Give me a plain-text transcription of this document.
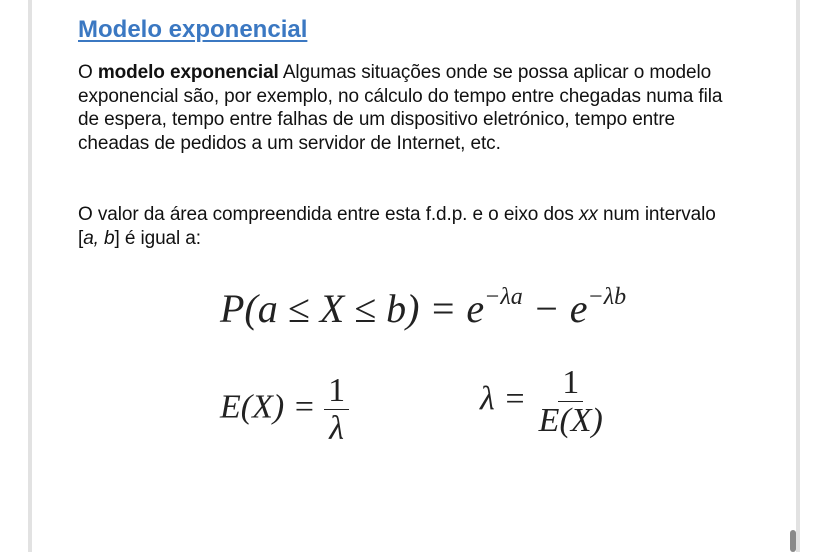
Modelo exponencial
O modelo exponencial Algumas situações onde se possa aplicar o modelo exponencial são, por exemplo, no cálculo do tempo entre chegadas numa fila de espera, tempo entre falhas de um dispositivo eletrónico, tempo entre cheadas de pedidos a um servidor de Internet, etc.
O valor da área compreendida entre esta f.d.p. e o eixo dos xx num intervalo [a, b] é igual a:
$P(a \le X \le b) = e^{-\lambda a} - e^{-\lambda b}$
$E(X) = \frac{1}{\lambda}$	$\lambda = \frac{1}{E(X)}$
